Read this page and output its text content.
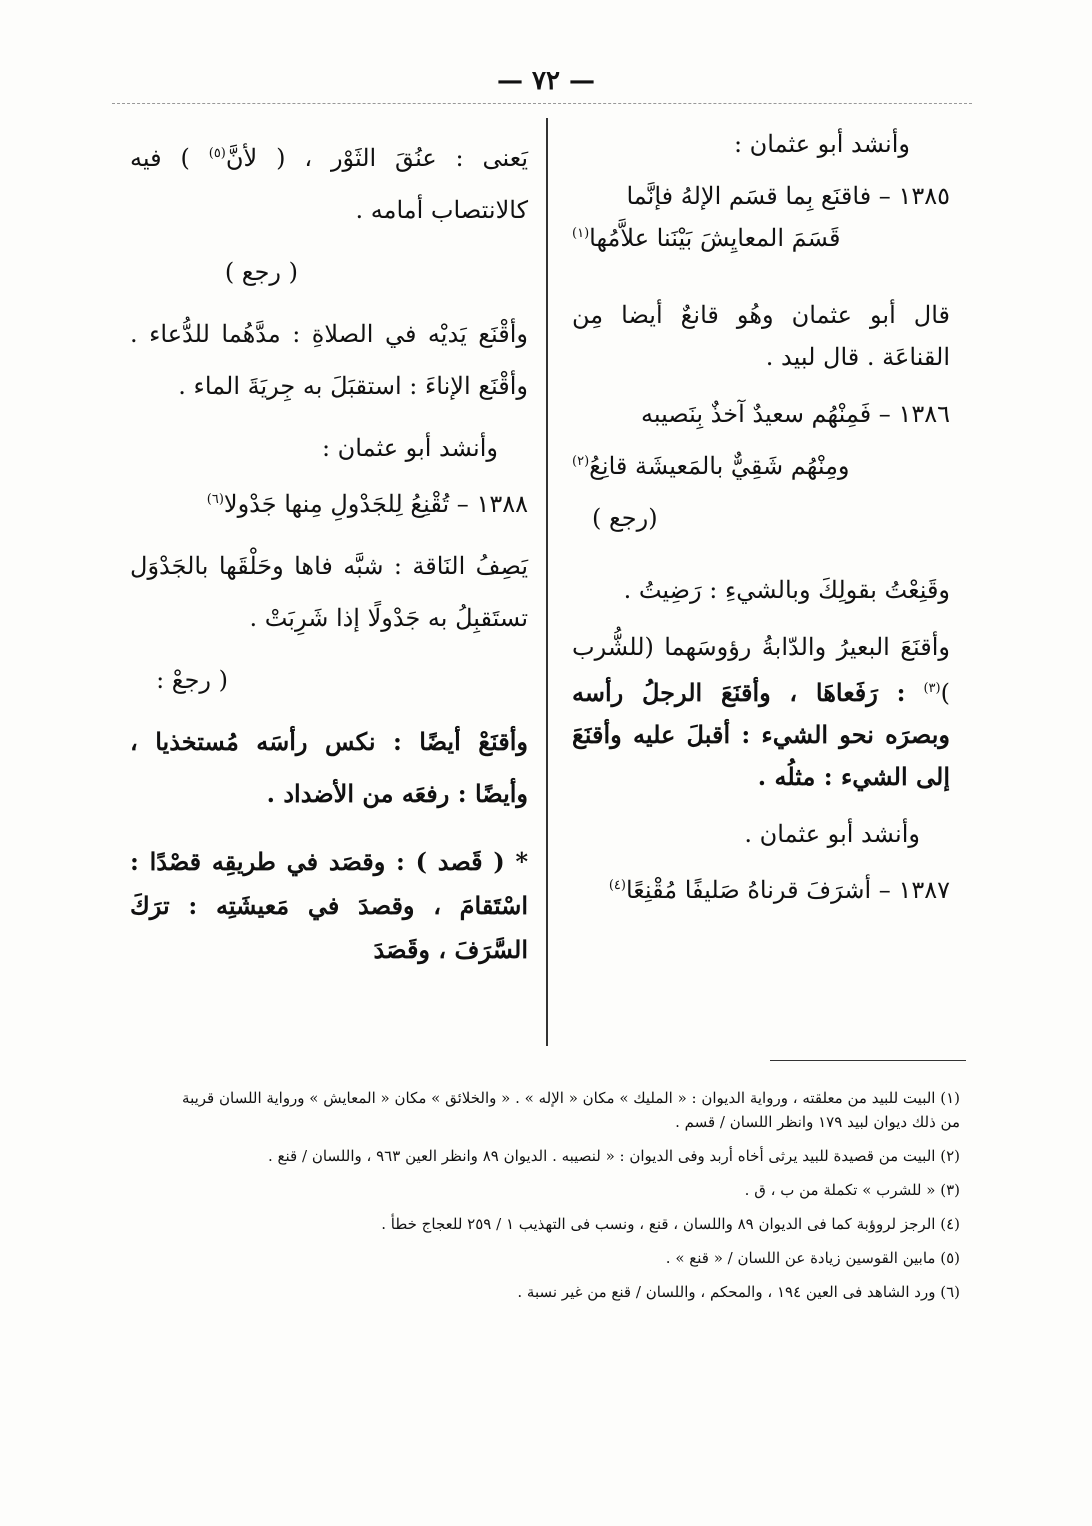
— ٧٢ —

وأنشد أبو عثمان :

١٣٨٥ – فاقنَع بِما قسَم الإلهُ فإنَّما

قَسَمَ المعايِشَ بَيْنَنا علاَّمُها$^{(١)}$

قال أبو عثمان وهُو قانعٌ أيضا مِن القناعَة . قال لبيد .

١٣٨٦ – فَمِنْهُم سعيدٌ آخذٌ بِنَصيبه

ومِنْهُم شَقِيٌّ بالمَعيشَة قانِعُ$^{(٢)}$

(رجع )

وقَنِعْتُ بقولِكَ وبالشيءِ : رَضِيتُ .

وأقنَعَ البعيرُ والدّابةُ رؤوسَهما (للشُّرب )$^{(٣)}$ : رَفَعاهَا ، وأقنَعَ الرجلُ رأسه وبصرَه نحو الشيء : أقبلَ عليه وأقنَعَ إلى الشيء : مثلُه .

وأنشد أبو عثمان .

١٣٨٧ – أشرَفَ قرناهُ صَليفًا مُقْنِعًا$^{(٤)}$

يَعنى : عنُقَ الثَوْر ، ( لأنَّ$^{(٥)}$ ) فيه كالانتصاب أمامه .

( رجع )

وأقْنَع يَديْه في الصلاةِ : مدَّهُما للدُّعاء . وأقْنَع الإناءَ : استقبَلَ به جِريَةَ الماء .

وأنشد أبو عثمان :

١٣٨٨ – تُقْنِعُ لِلجَدْولِ مِنها جَدْولا$^{(٦)}$

يَصِفُ النَاقة : شبَّه فاها وحَلْقَها بالجَدْوَل تستَقبِلُ به جَدْولًا إذا شَرِبَتْ .

( رجعْ :

وأقنَعْ أيضًا : نكس رأسَه مُستخذيا ، وأيضًا : رفعَه من الأضداد .

* ( قَصد ) : وقصَد في طريقِه قصْدًا : اسْتَقامَ ، وقصدَ في مَعيشَتِه : ترَكَ السَّرَفَ ، وقَصَدَ

(١) البيت للبيد من معلقته ، ورواية الديوان : « المليك » مكان « الإله » . « والخلائق » مكان « المعايش » ورواية اللسان قريبة من ذلك ديوان لبيد ١٧٩ وانظر اللسان / قسم .

(٢) البيت من قصيدة للبيد يرثى أخاه أربد وفى الديوان : « لنصيبه . الديوان ٨٩ وانظر العين ٩٦٣ ، واللسان / قنع .

(٣) « للشرب » تكملة من ب ، ق .

(٤) الرجز لروؤبة كما فى الديوان ٨٩ واللسان ، قنع ، ونسب فى التهذيب ١ / ٢٥٩ للعجاج خطأ .

(٥) مابين القوسين زيادة عن اللسان / « قنع » .

(٦) ورد الشاهد فى العين ١٩٤ ، والمحكم ، واللسان / قنع من غير نسبة .
